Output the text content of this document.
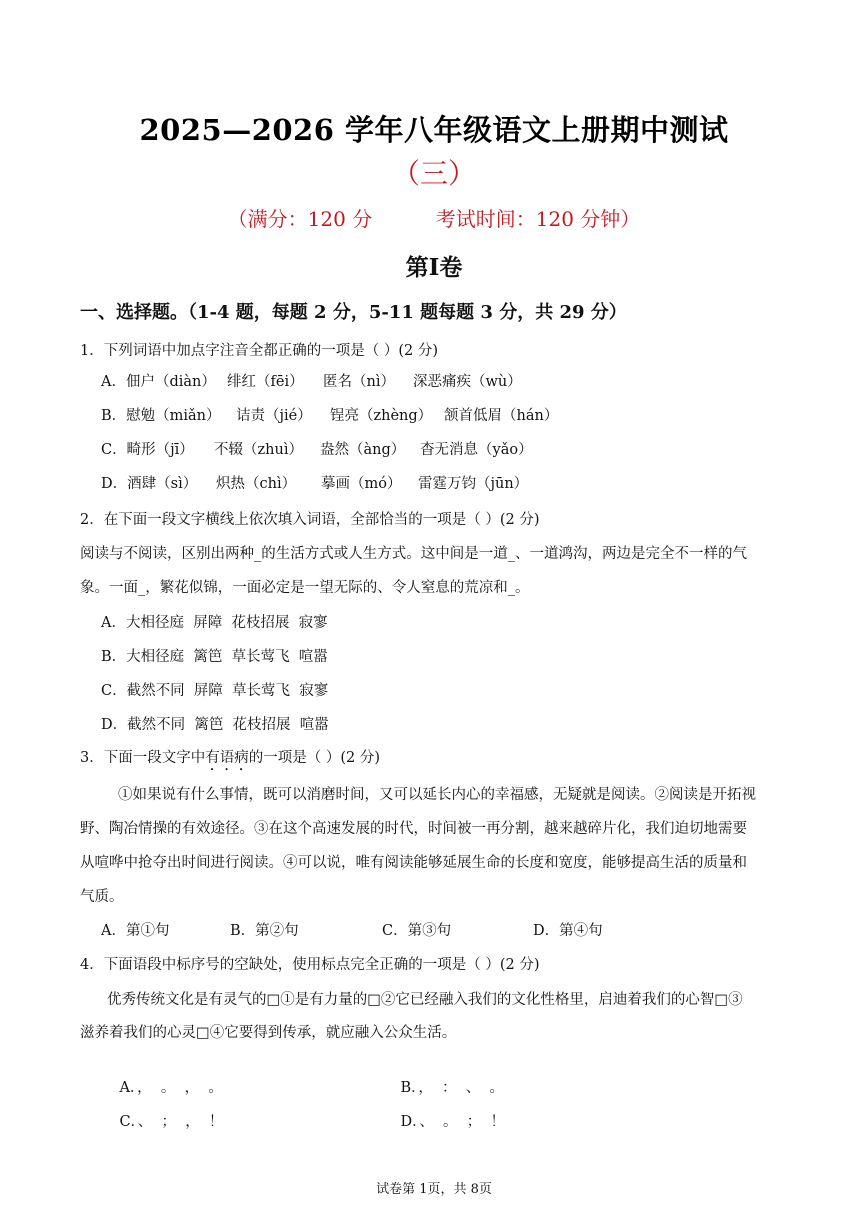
2025—2026 学年八年级语文上册期中测试
（三）
（满分：120 分          考试时间：120 分钟）
第Ⅰ卷
一、选择题。（1-4 题，每题 2 分，5-11 题每题 3 分，共 29 分）
1．下列词语中加点字注音全都正确的一项是（ ）(2 分)
A．佃户（diàn） 绯红（fēi） 匿名（nì） 深恶痛疾（wù）
B．慰勉（miǎn） 诘责（jié） 锃亮（zhèng） 颔首低眉（hán）
C．畸形（jī） 不辍（zhuì） 盎然（àng） 杳无消息（yǎo）
D．酒肆（sì） 炽热（chì） 摹画（mó） 雷霆万钧（jūn）
2．在下面一段文字横线上依次填入词语，全部恰当的一项是（ ）(2 分)
阅读与不阅读，区别出两种_的生活方式或人生方式。这中间是一道_、一道鸿沟，两边是完全不一样的气
象。一面_，繁花似锦，一面必定是一望无际的、令人窒息的荒凉和_。
A．大相径庭  屏障  花枝招展  寂寥
B．大相径庭  篱笆  草长莺飞  喧嚣
C．截然不同  屏障  草长莺飞  寂寥
D．截然不同  篱笆  花枝招展  喧嚣
3．下面一段文字中有语病的一项是（ ）(2 分)
①如果说有什么事情，既可以消磨时间，又可以延长内心的幸福感，无疑就是阅读。②阅读是开拓视
野、陶冶情操的有效途径。③在这个高速发展的时代，时间被一再分割，越来越碎片化，我们迫切地需要
从喧哗中抢夺出时间进行阅读。④可以说，唯有阅读能够延展生命的长度和宽度，能够提高生活的质量和
气质。
A．第①句	B．第②句	C．第③句	D．第④句
4．下面语段中标序号的空缺处，使用标点完全正确的一项是（ ）(2 分)
优秀传统文化是有灵气的□①是有力量的□②它已经融入我们的文化性格里，启迪着我们的心智□③
滋养着我们的心灵□④它要得到传承，就应融入公众生活。

A．，  。  ，  。	B．，  ：  、  。

C．、  ；  ，  ！	D．、  。  ；  ！

试卷第 1页，共 8页
